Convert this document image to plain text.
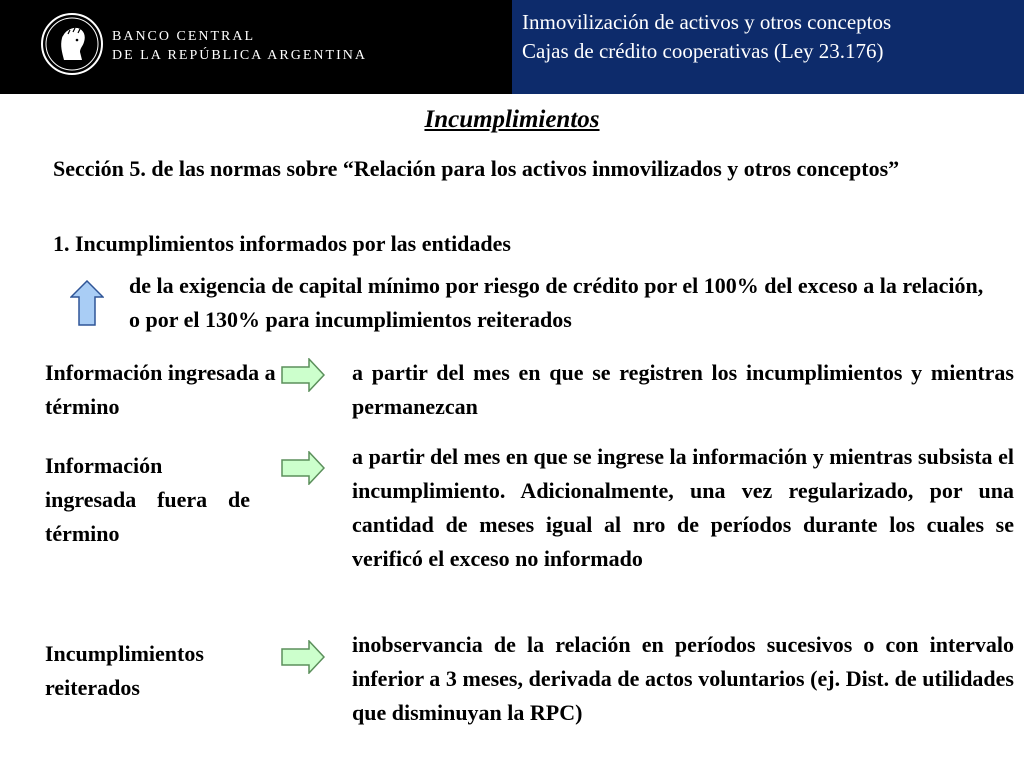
BANCO CENTRAL
DE LA REPÚBLICA ARGENTINA
Inmovilización de activos y otros conceptos
Cajas de crédito cooperativas (Ley 23.176)
Incumplimientos
Sección 5. de las normas sobre “Relación para los activos inmovilizados y otros conceptos”
1. Incumplimientos informados por las entidades
de la exigencia de capital mínimo por riesgo de crédito por el 100% del exceso a la relación, o por el 130% para incumplimientos reiterados
Información ingresada a término
a partir del mes en que se registren los incumplimientos y mientras permanezcan
Información ingresada fuera de término
a partir del mes en que se ingrese la información y mientras subsista el incumplimiento. Adicionalmente, una vez regularizado, por una cantidad de meses igual al nro de períodos durante los cuales se verificó el exceso no informado
Incumplimientos reiterados
inobservancia de la relación en períodos sucesivos o con intervalo inferior a 3 meses, derivada de actos voluntarios (ej. Dist. de utilidades que disminuyan la RPC)
